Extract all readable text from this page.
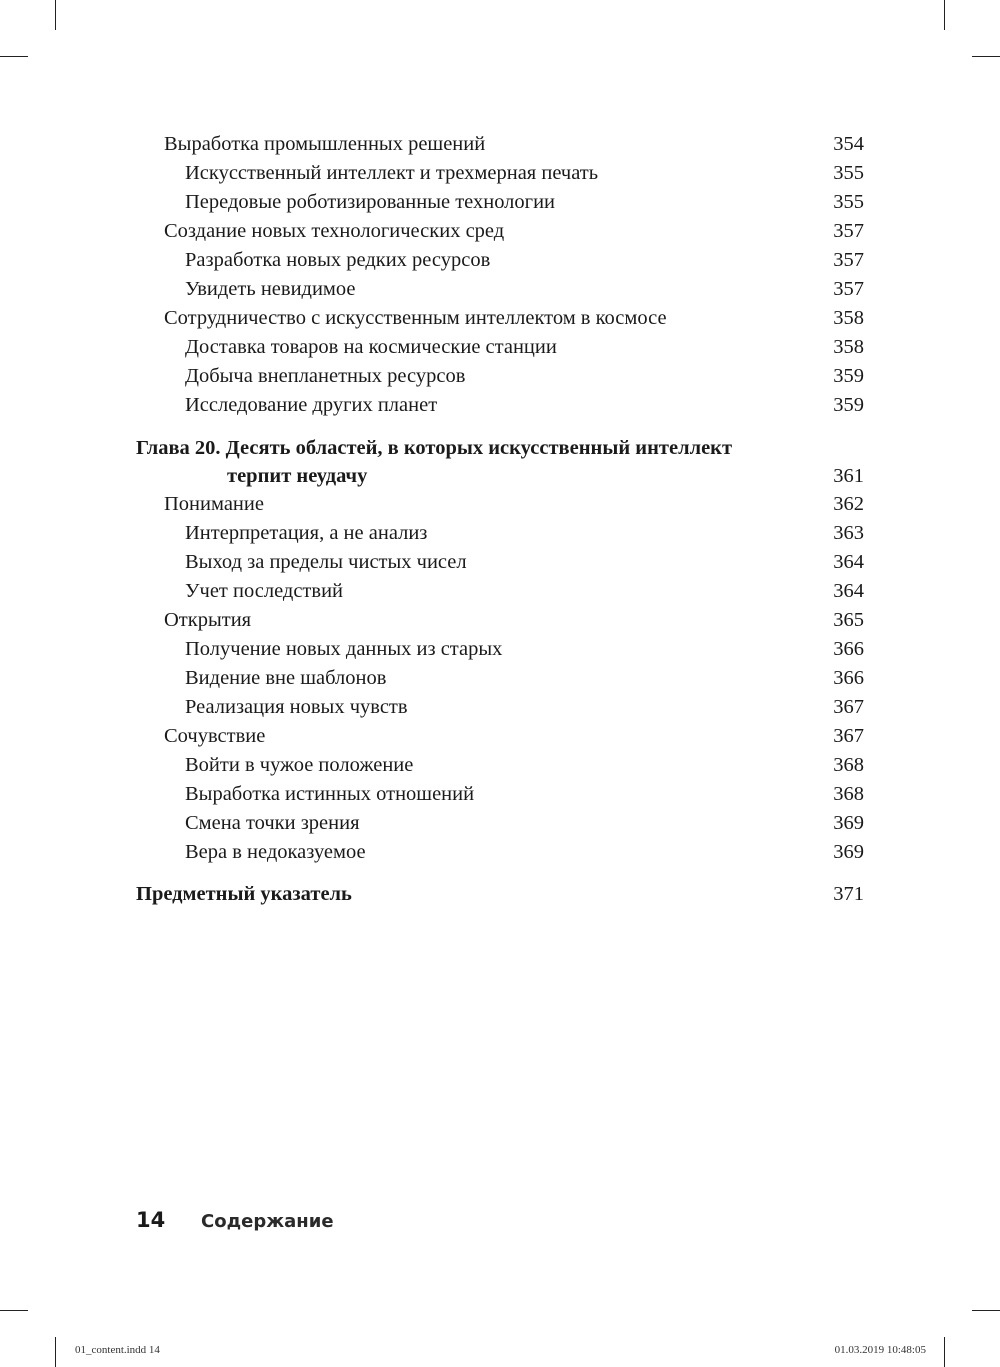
Выработка промышленных решений	354
Искусственный интеллект и трехмерная печать	355
Передовые роботизированные технологии	355
Создание новых технологических сред	357
Разработка новых редких ресурсов	357
Увидеть невидимое	357
Сотрудничество с искусственным интеллектом в космосе	358
Доставка товаров на космические станции	358
Добыча внепланетных ресурсов	359
Исследование других планет	359
Глава 20. Десять областей, в которых искусственный интеллект
терпит неудачу	361
Понимание	362
Интерпретация, а не анализ	363
Выход за пределы чистых чисел	364
Учет последствий	364
Открытия	365
Получение новых данных из старых	366
Видение вне шаблонов	366
Реализация новых чувств	367
Сочувствие	367
Войти в чужое положение	368
Выработка истинных отношений	368
Смена точки зрения	369
Вера в недоказуемое	369
Предметный указатель	371
14 Содержание
01_content.indd 14	01.03.2019 10:48:05
